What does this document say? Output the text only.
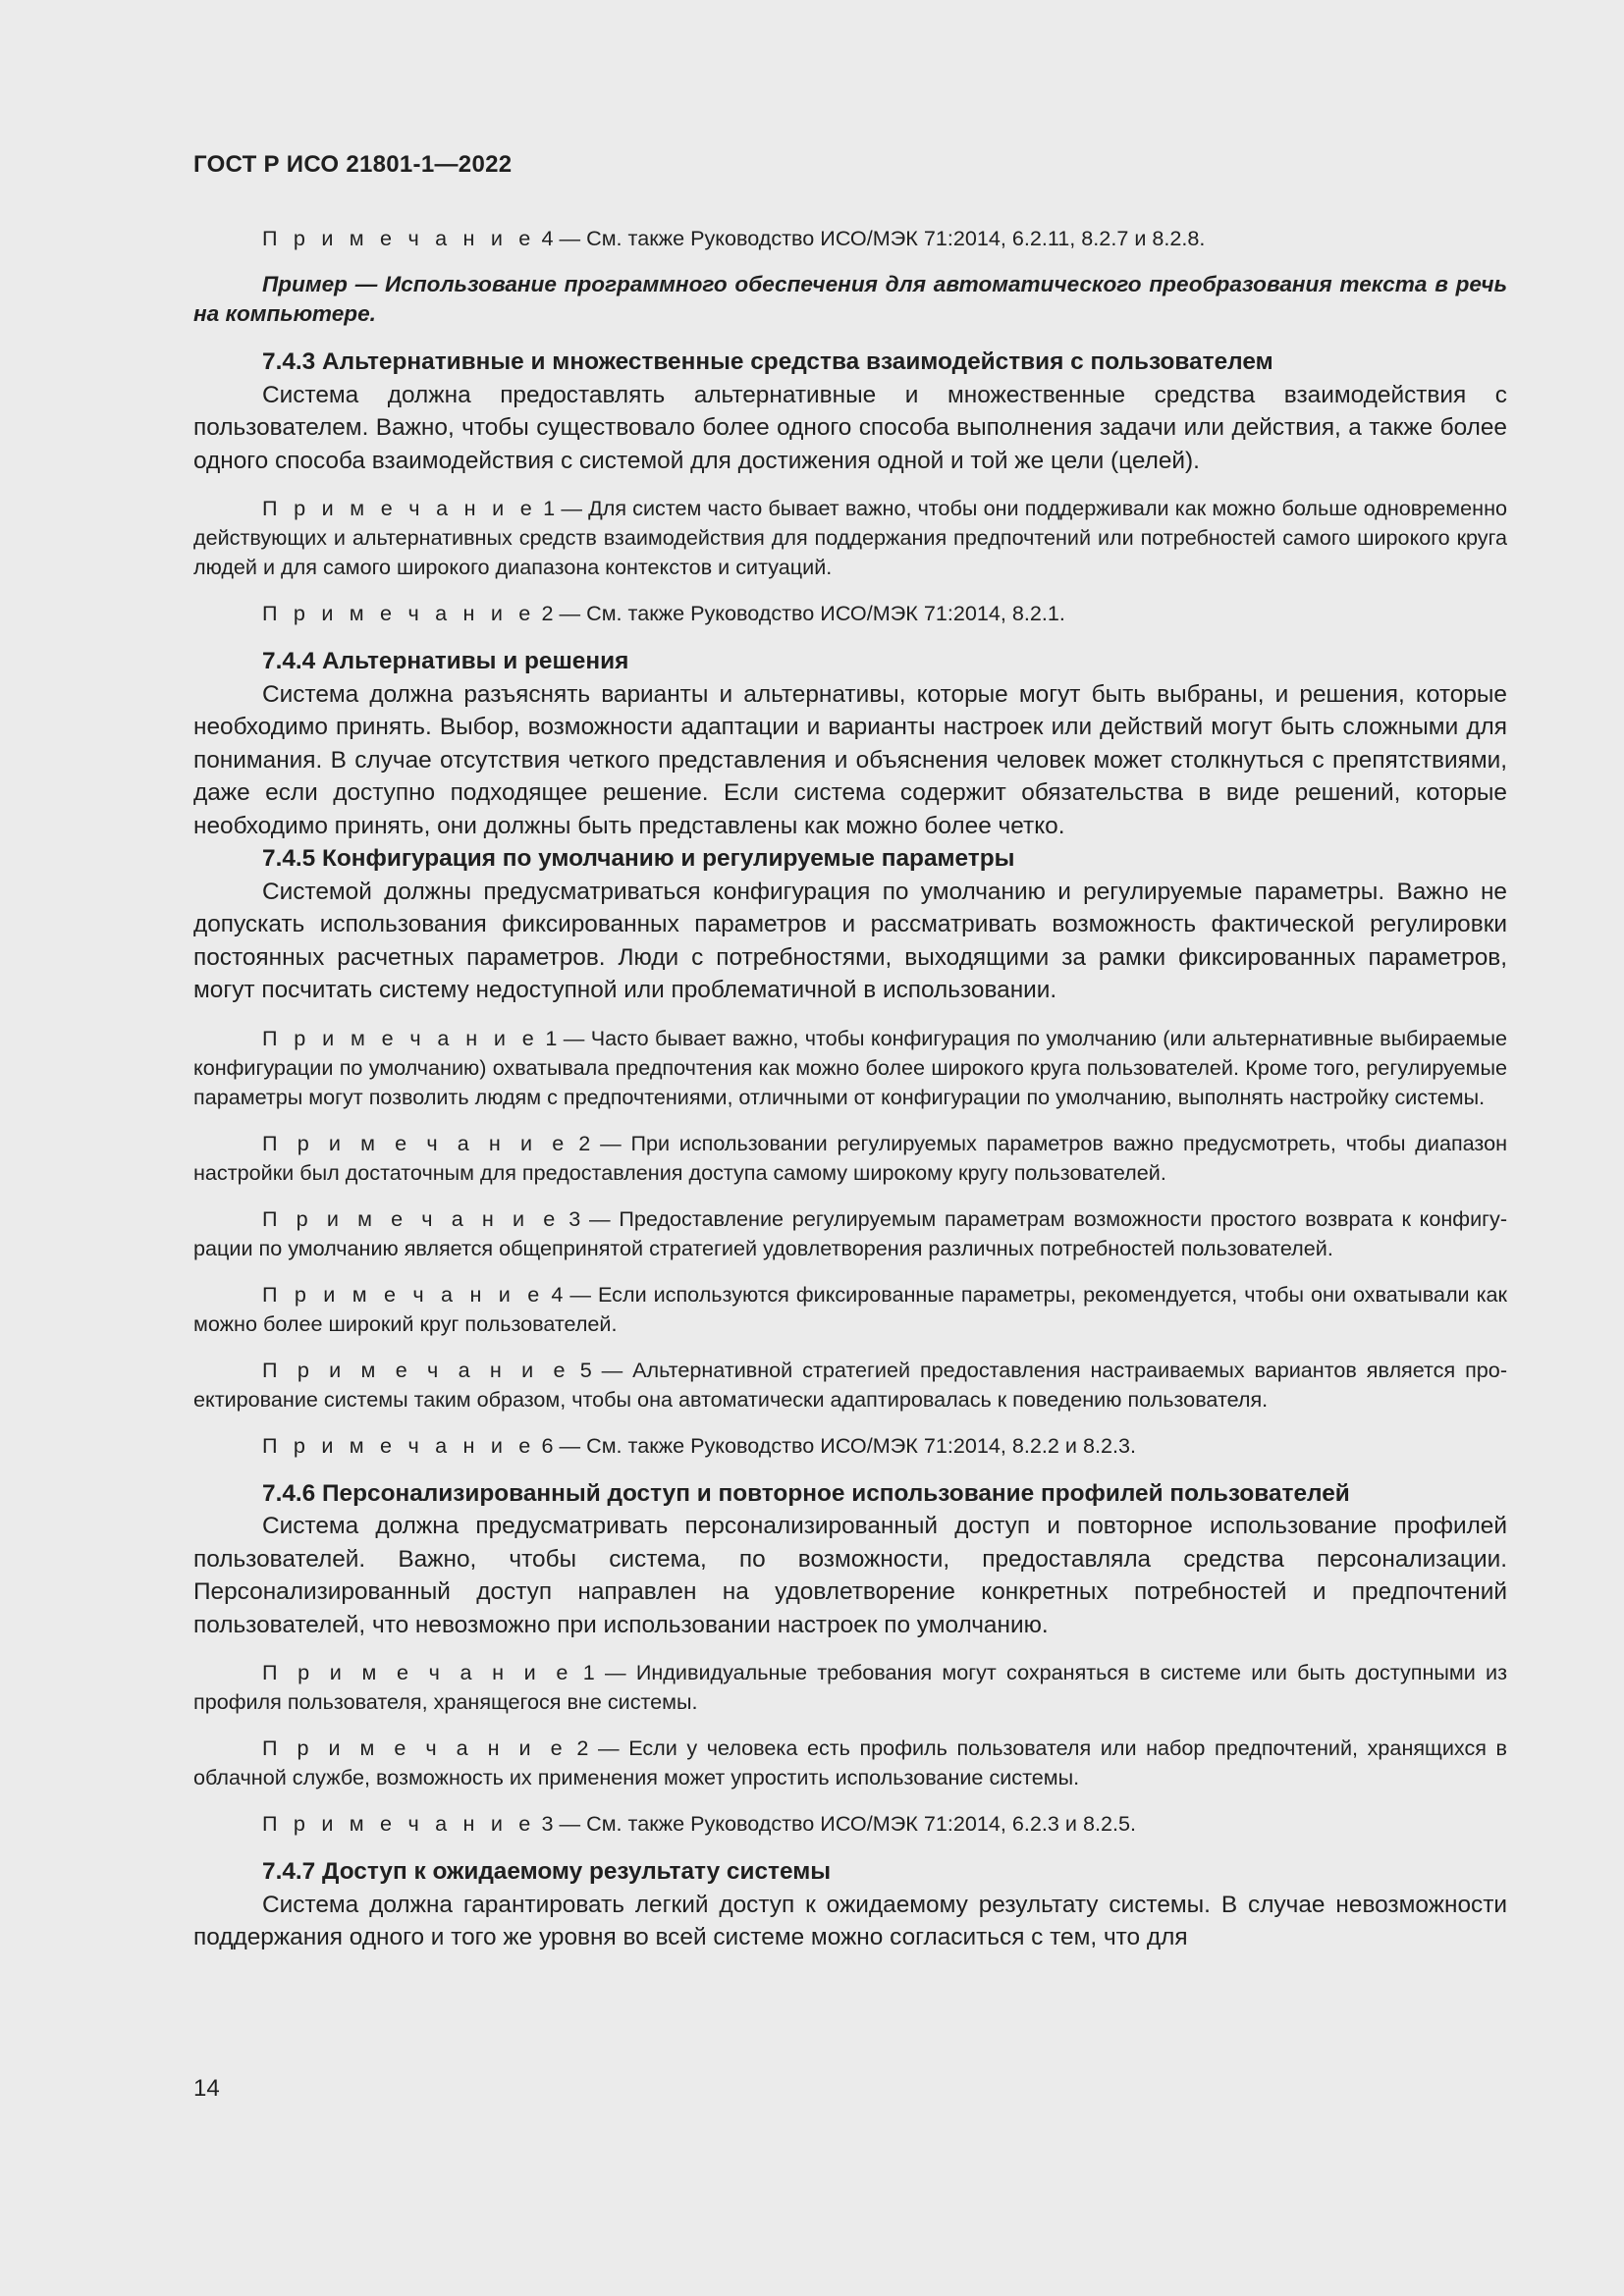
ГОСТ Р ИСО 21801-1—2022

П р и м е ч а н и е 4 — См. также Руководство ИСО/МЭК 71:2014, 6.2.11, 8.2.7 и 8.2.8.

Пример — Использование программного обеспечения для автоматического преобразования текста в речь на компьютере.

7.4.3 Альтернативные и множественные средства взаимодействия с пользователем

Система должна предоставлять альтернативные и множественные средства взаимодействия с пользователем. Важно, чтобы существовало более одного способа выполнения задачи или действия, а также более одного способа взаимодействия с системой для достижения одной и той же цели (целей).

П р и м е ч а н и е 1 — Для систем часто бывает важно, чтобы они поддерживали как можно больше одновременно действующих и альтернативных средств взаимодействия для поддержания предпочтений или потребностей самого широкого круга людей и для самого широкого диапазона контекстов и ситуаций.

П р и м е ч а н и е 2 — См. также Руководство ИСО/МЭК 71:2014, 8.2.1.

7.4.4 Альтернативы и решения

Система должна разъяснять варианты и альтернативы, которые могут быть выбраны, и решения, которые необходимо принять. Выбор, возможности адаптации и варианты настроек или действий могут быть сложными для понимания. В случае отсутствия четкого представления и объяснения человек может столкнуться с препятствиями, даже если доступно подходящее решение. Если система содержит обязательства в виде решений, которые необходимо принять, они должны быть представлены как можно более четко.

7.4.5 Конфигурация по умолчанию и регулируемые параметры

Системой должны предусматриваться конфигурация по умолчанию и регулируемые параметры. Важно не допускать использования фиксированных параметров и рассматривать возможность фактической регулировки постоянных расчетных параметров. Люди с потребностями, выходящими за рамки фиксированных параметров, могут посчитать систему недоступной или проблематичной в использовании.

П р и м е ч а н и е 1 — Часто бывает важно, чтобы конфигурация по умолчанию (или альтернативные выбираемые конфигурации по умолчанию) охватывала предпочтения как можно более широкого круга пользователей. Кроме того, регулируемые параметры могут позволить людям с предпочтениями, отличными от конфигурации по умолчанию, выполнять настройку системы.

П р и м е ч а н и е 2 — При использовании регулируемых параметров важно предусмотреть, чтобы диапазон настройки был достаточным для предоставления доступа самому широкому кругу пользователей.

П р и м е ч а н и е 3 — Предоставление регулируемым параметрам возможности простого возврата к конфигурации по умолчанию является общепринятой стратегией удовлетворения различных потребностей пользователей.

П р и м е ч а н и е 4 — Если используются фиксированные параметры, рекомендуется, чтобы они охватывали как можно более широкий круг пользователей.

П р и м е ч а н и е 5 — Альтернативной стратегией предоставления настраиваемых вариантов является проектирование системы таким образом, чтобы она автоматически адаптировалась к поведению пользователя.

П р и м е ч а н и е 6 — См. также Руководство ИСО/МЭК 71:2014, 8.2.2 и 8.2.3.

7.4.6 Персонализированный доступ и повторное использование профилей пользователей

Система должна предусматривать персонализированный доступ и повторное использование профилей пользователей. Важно, чтобы система, по возможности, предоставляла средства персонализации. Персонализированный доступ направлен на удовлетворение конкретных потребностей и предпочтений пользователей, что невозможно при использовании настроек по умолчанию.

П р и м е ч а н и е 1 — Индивидуальные требования могут сохраняться в системе или быть доступными из профиля пользователя, хранящегося вне системы.

П р и м е ч а н и е 2 — Если у человека есть профиль пользователя или набор предпочтений, хранящихся в облачной службе, возможность их применения может упростить использование системы.

П р и м е ч а н и е 3 — См. также Руководство ИСО/МЭК 71:2014, 6.2.3 и 8.2.5.

7.4.7 Доступ к ожидаемому результату системы

Система должна гарантировать легкий доступ к ожидаемому результату системы. В случае невозможности поддержания одного и того же уровня во всей системе можно согласиться с тем, что для

14
